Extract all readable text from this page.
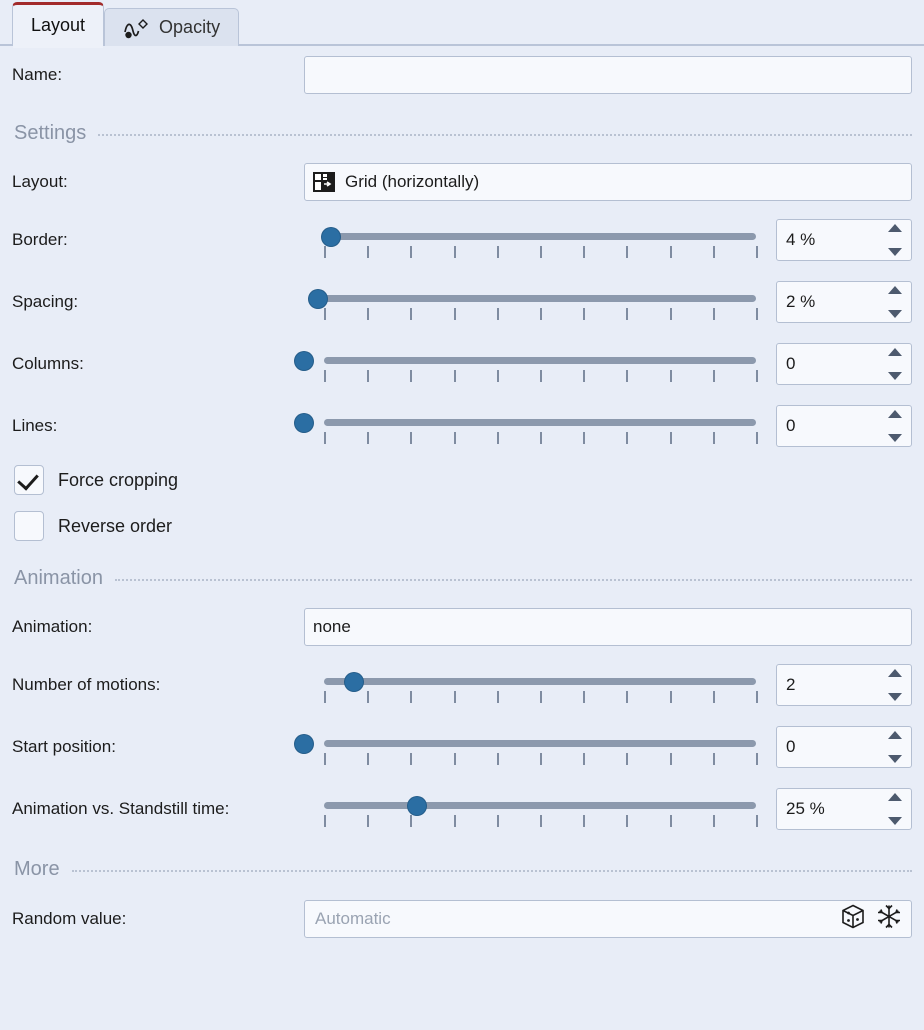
Layout	Opacity
Name:
Settings
Layout:	Grid (horizontally)
Border:	4 %
Spacing:	2 %
Columns:	0
Lines:	0
Force cropping
Reverse order
Animation
Animation:	none
Number of motions:	2
Start position:	0
Animation vs. Standstill time:	25 %
More
Random value:
Automatic
